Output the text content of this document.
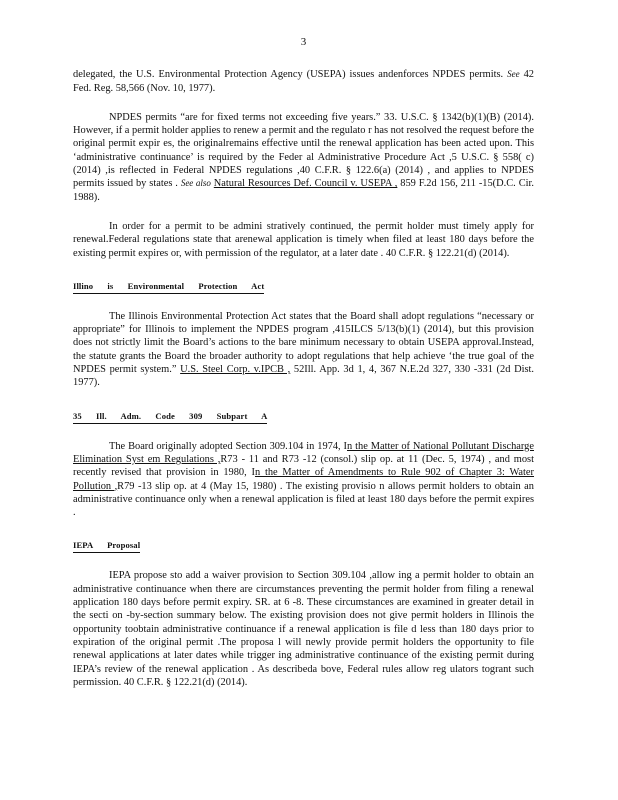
3

delegated, the U.S. Environmental Protection Agency (USEPA) issues andenforces NPDES permits. See 42 Fed. Reg. 58,566 (Nov. 10, 1977).

NPDES permits “are for fixed terms not exceeding five years.” 33. U.S.C. § 1342(b)(1)(B) (2014). However, if a permit holder applies to renew a permit and the regulato r has not resolved the request before the original permit expir es, the originalremains effective until the renewal application has been acted upon. This ‘administrative continuance’ is required by the Feder al Administrative Procedure Act ,5 U.S.C. § 558( c) (2014) ,is reflected in Federal NPDES regulations ,40 C.F.R. § 122.6(a) (2014) , and applies to NPDES permits issued by states . See also Natural Resources Def. Council v. USEPA , 859 F.2d 156, 211 -15(D.C. Cir. 1988).

In order for a permit to be admini stratively continued, the permit holder must timely apply for renewal.Federal regulations state that arenewal application is timely when filed at least 180 days before the existing permit expires or, with permission of the regulator, at a later date . 40 C.F.R. § 122.21(d) (2014).

Illino is Environmental Protection Act

The Illinois Environmental Protection Act states that the Board shall adopt regulations “necessary or appropriate” for Illinois to implement the NPDES program ,415ILCS 5/13(b)(1) (2014), but this provision does not strictly limit the Board’s actions to the bare minimum necessary to obtain USEPA approval.Instead, the statute grants the Board the broader authority to adopt regulations that help achieve ‘the true goal of the NPDES permit system.” U.S. Steel Corp. v.IPCB , 52Ill. App. 3d 1, 4, 367 N.E.2d 327, 330 -331 (2d Dist. 1977).

35 Ill. Adm. Code 309 Subpart A

The Board originally adopted Section 309.104 in 1974, In the Matter of National Pollutant Discharge Elimination Syst em Regulations ,R73 - 11 and R73 -12 (consol.) slip op. at 11 (Dec. 5, 1974) , and most recently revised that provision in 1980, In the Matter of Amendments to Rule 902 of Chapter 3: Water Pollution ,R79 -13 slip op. at 4 (May 15, 1980) . The existing provisio n allows permit holders to obtain an administrative continuance only when a renewal application is filed at least 180 days before the permit expires .

IEPA Proposal

IEPA propose sto add a waiver provision to Section 309.104 ,allow ing a permit holder to obtain an administrative continuance when there are circumstances preventing the permit holder from filing a renewal application 180 days before permit expiry. SR. at 6 -8. These circumstances are examined in greater detail in the secti on -by-section summary below. The existing provision does not give permit holders in Illinois the opportunity toobtain administrative continuance if a renewal application is file d less than 180 days prior to expiration of the original permit .The proposa l will newly provide permit holders the opportunity to file renewal applications at later dates while trigger ing administrative continuance of the existing permit during IEPA’s review of the renewal application . As describeda bove, Federal rules allow reg ulators togrant such permission. 40 C.F.R. § 122.21(d) (2014).
